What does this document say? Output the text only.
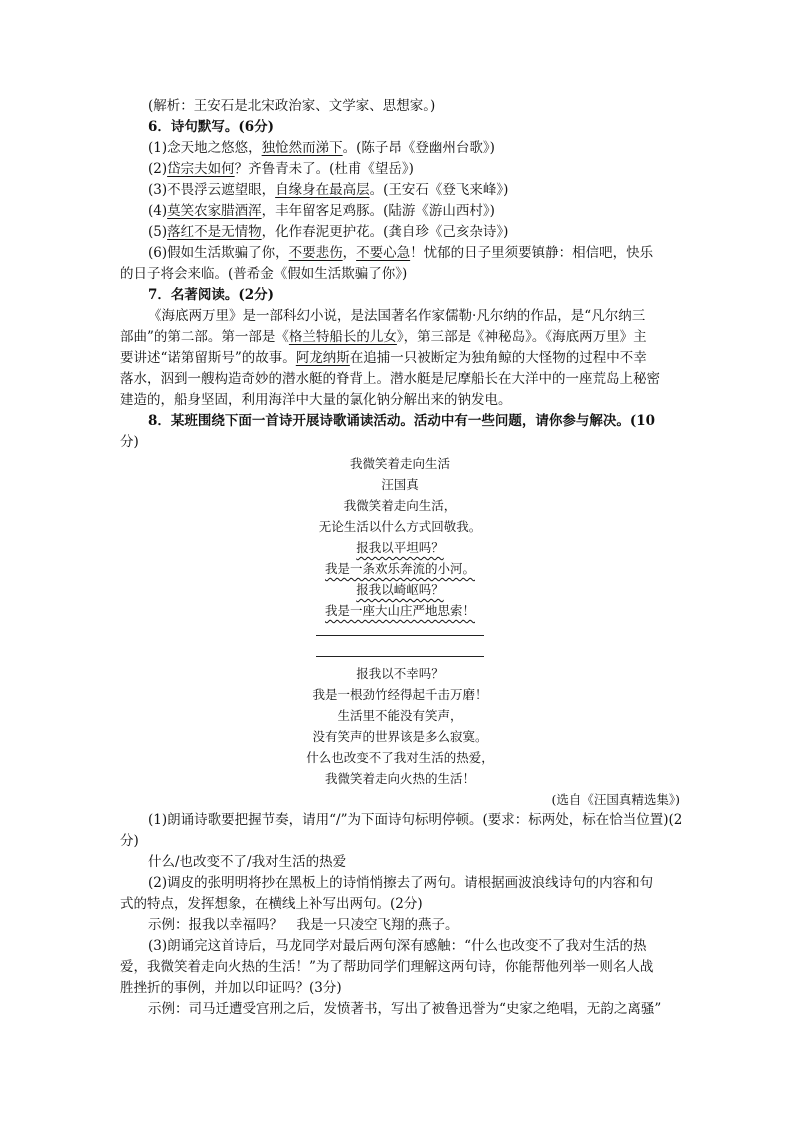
(解析：王安石是北宋政治家、文学家、思想家。)
6．诗句默写。(6分)
(1)念天地之悠悠，独怆然而涕下。(陈子昂《登幽州台歌》)
(2)岱宗夫如何？齐鲁青未了。(杜甫《望岳》)
(3)不畏浮云遮望眼，自缘身在最高层。(王安石《登飞来峰》)
(4)莫笑农家腊酒浑，丰年留客足鸡豚。(陆游《游山西村》)
(5)落红不是无情物，化作春泥更护花。(龚自珍《己亥杂诗》)
(6)假如生活欺骗了你，不要悲伤，不要心急！忧郁的日子里须要镇静：相信吧，快乐
的日子将会来临。(普希金《假如生活欺骗了你》)
7．名著阅读。(2分)
《海底两万里》是一部科幻小说，是法国著名作家儒勒·凡尔纳的作品，是“凡尔纳三
部曲”的第二部。第一部是《格兰特船长的儿女》，第三部是《神秘岛》。《海底两万里》主
要讲述“诺第留斯号”的故事。阿龙纳斯在追捕一只被断定为独角鲸的大怪物的过程中不幸
落水，泅到一艘构造奇妙的潜水艇的脊背上。潜水艇是尼摩船长在大洋中的一座荒岛上秘密
建造的，船身坚固，利用海洋中大量的氯化钠分解出来的钠发电。
8．某班围绕下面一首诗开展诗歌诵读活动。活动中有一些问题，请你参与解决。(10
分)
我微笑着走向生活
汪国真
我微笑着走向生活，
无论生活以什么方式回敬我。
报我以平坦吗？
我是一条欢乐奔流的小河。
报我以崎岖吗？
我是一座大山庄严地思索！
报我以不幸吗？
我是一根劲竹经得起千击万磨！
生活里不能没有笑声，
没有笑声的世界该是多么寂寞。
什么也改变不了我对生活的热爱，
我微笑着走向火热的生活！
(选自《汪国真精选集》)
(1)朗诵诗歌要把握节奏，请用“/”为下面诗句标明停顿。(要求：标两处，标在恰当位置)(2
分)
什么/也改变不了/我对生活的热爱
(2)调皮的张明明将抄在黑板上的诗悄悄擦去了两句。请根据画波浪线诗句的内容和句
式的特点，发挥想象，在横线上补写出两句。(2分)
示例：报我以幸福吗？　我是一只凌空飞翔的燕子。
(3)朗诵完这首诗后，马龙同学对最后两句深有感触：“什么也改变不了我对生活的热
爱，我微笑着走向火热的生活！”为了帮助同学们理解这两句诗，你能帮他列举一则名人战
胜挫折的事例，并加以印证吗？(3分)
示例：司马迁遭受宫刑之后，发愤著书，写出了被鲁迅誉为“史家之绝唱，无韵之离骚”
